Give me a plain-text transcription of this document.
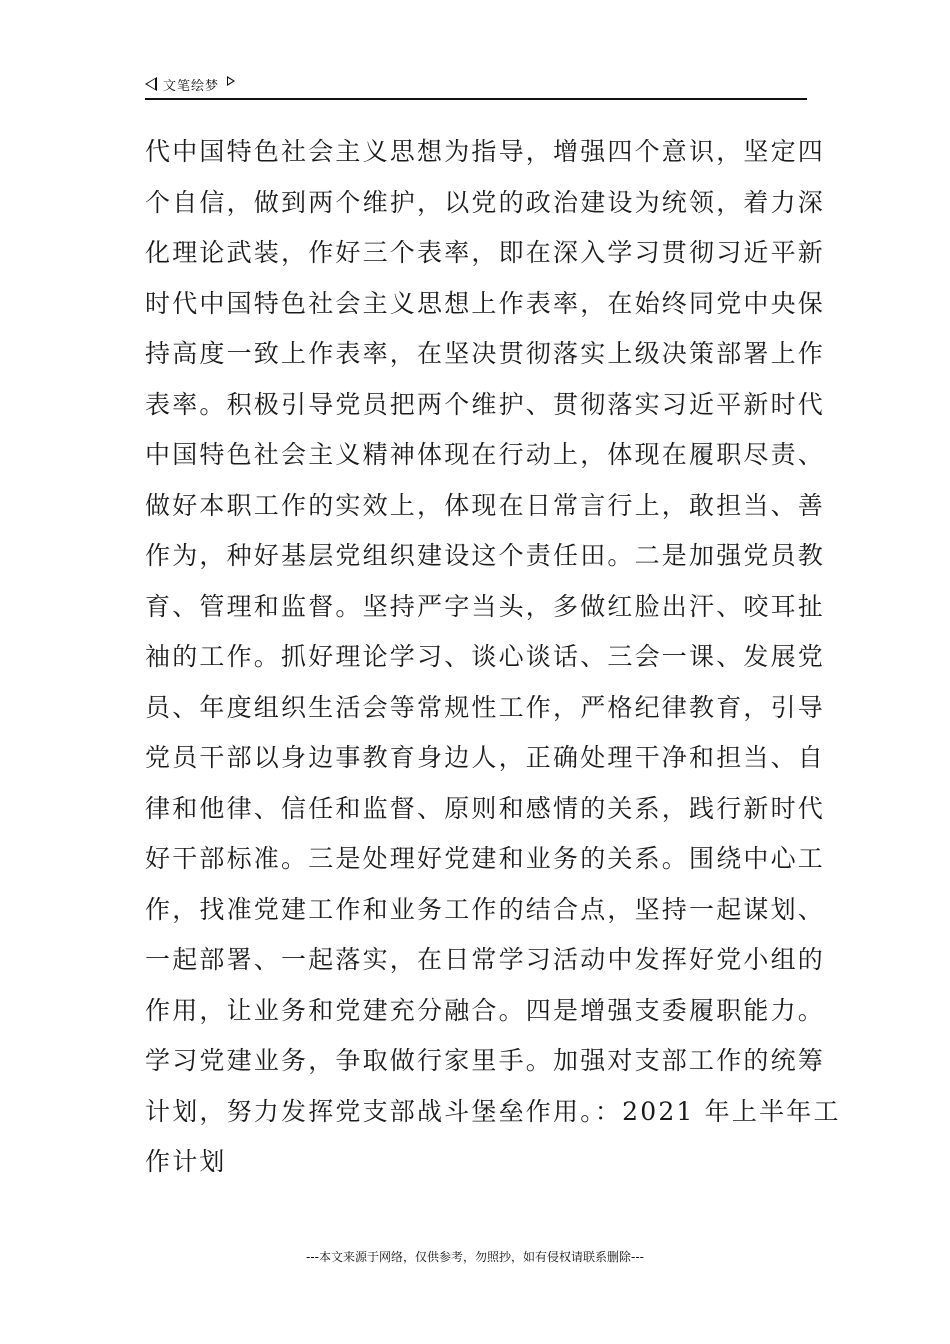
文笔绘梦
代中国特色社会主义思想为指导，增强四个意识，坚定四
个自信，做到两个维护，以党的政治建设为统领，着力深
化理论武装，作好三个表率，即在深入学习贯彻习近平新
时代中国特色社会主义思想上作表率，在始终同党中央保
持高度一致上作表率，在坚决贯彻落实上级决策部署上作
表率。积极引导党员把两个维护、贯彻落实习近平新时代
中国特色社会主义精神体现在行动上，体现在履职尽责、
做好本职工作的实效上，体现在日常言行上，敢担当、善
作为，种好基层党组织建设这个责任田。二是加强党员教
育、管理和监督。坚持严字当头，多做红脸出汗、咬耳扯
袖的工作。抓好理论学习、谈心谈话、三会一课、发展党
员、年度组织生活会等常规性工作，严格纪律教育，引导
党员干部以身边事教育身边人，正确处理干净和担当、自
律和他律、信任和监督、原则和感情的关系，践行新时代
好干部标准。三是处理好党建和业务的关系。围绕中心工
作，找准党建工作和业务工作的结合点，坚持一起谋划、
一起部署、一起落实，在日常学习活动中发挥好党小组的
作用，让业务和党建充分融合。四是增强支委履职能力。
学习党建业务，争取做行家里手。加强对支部工作的统筹
计划，努力发挥党支部战斗堡垒作用。：2021 年上半年工
作计划
---本文来源于网络，仅供参考，勿照抄，如有侵权请联系删除---
